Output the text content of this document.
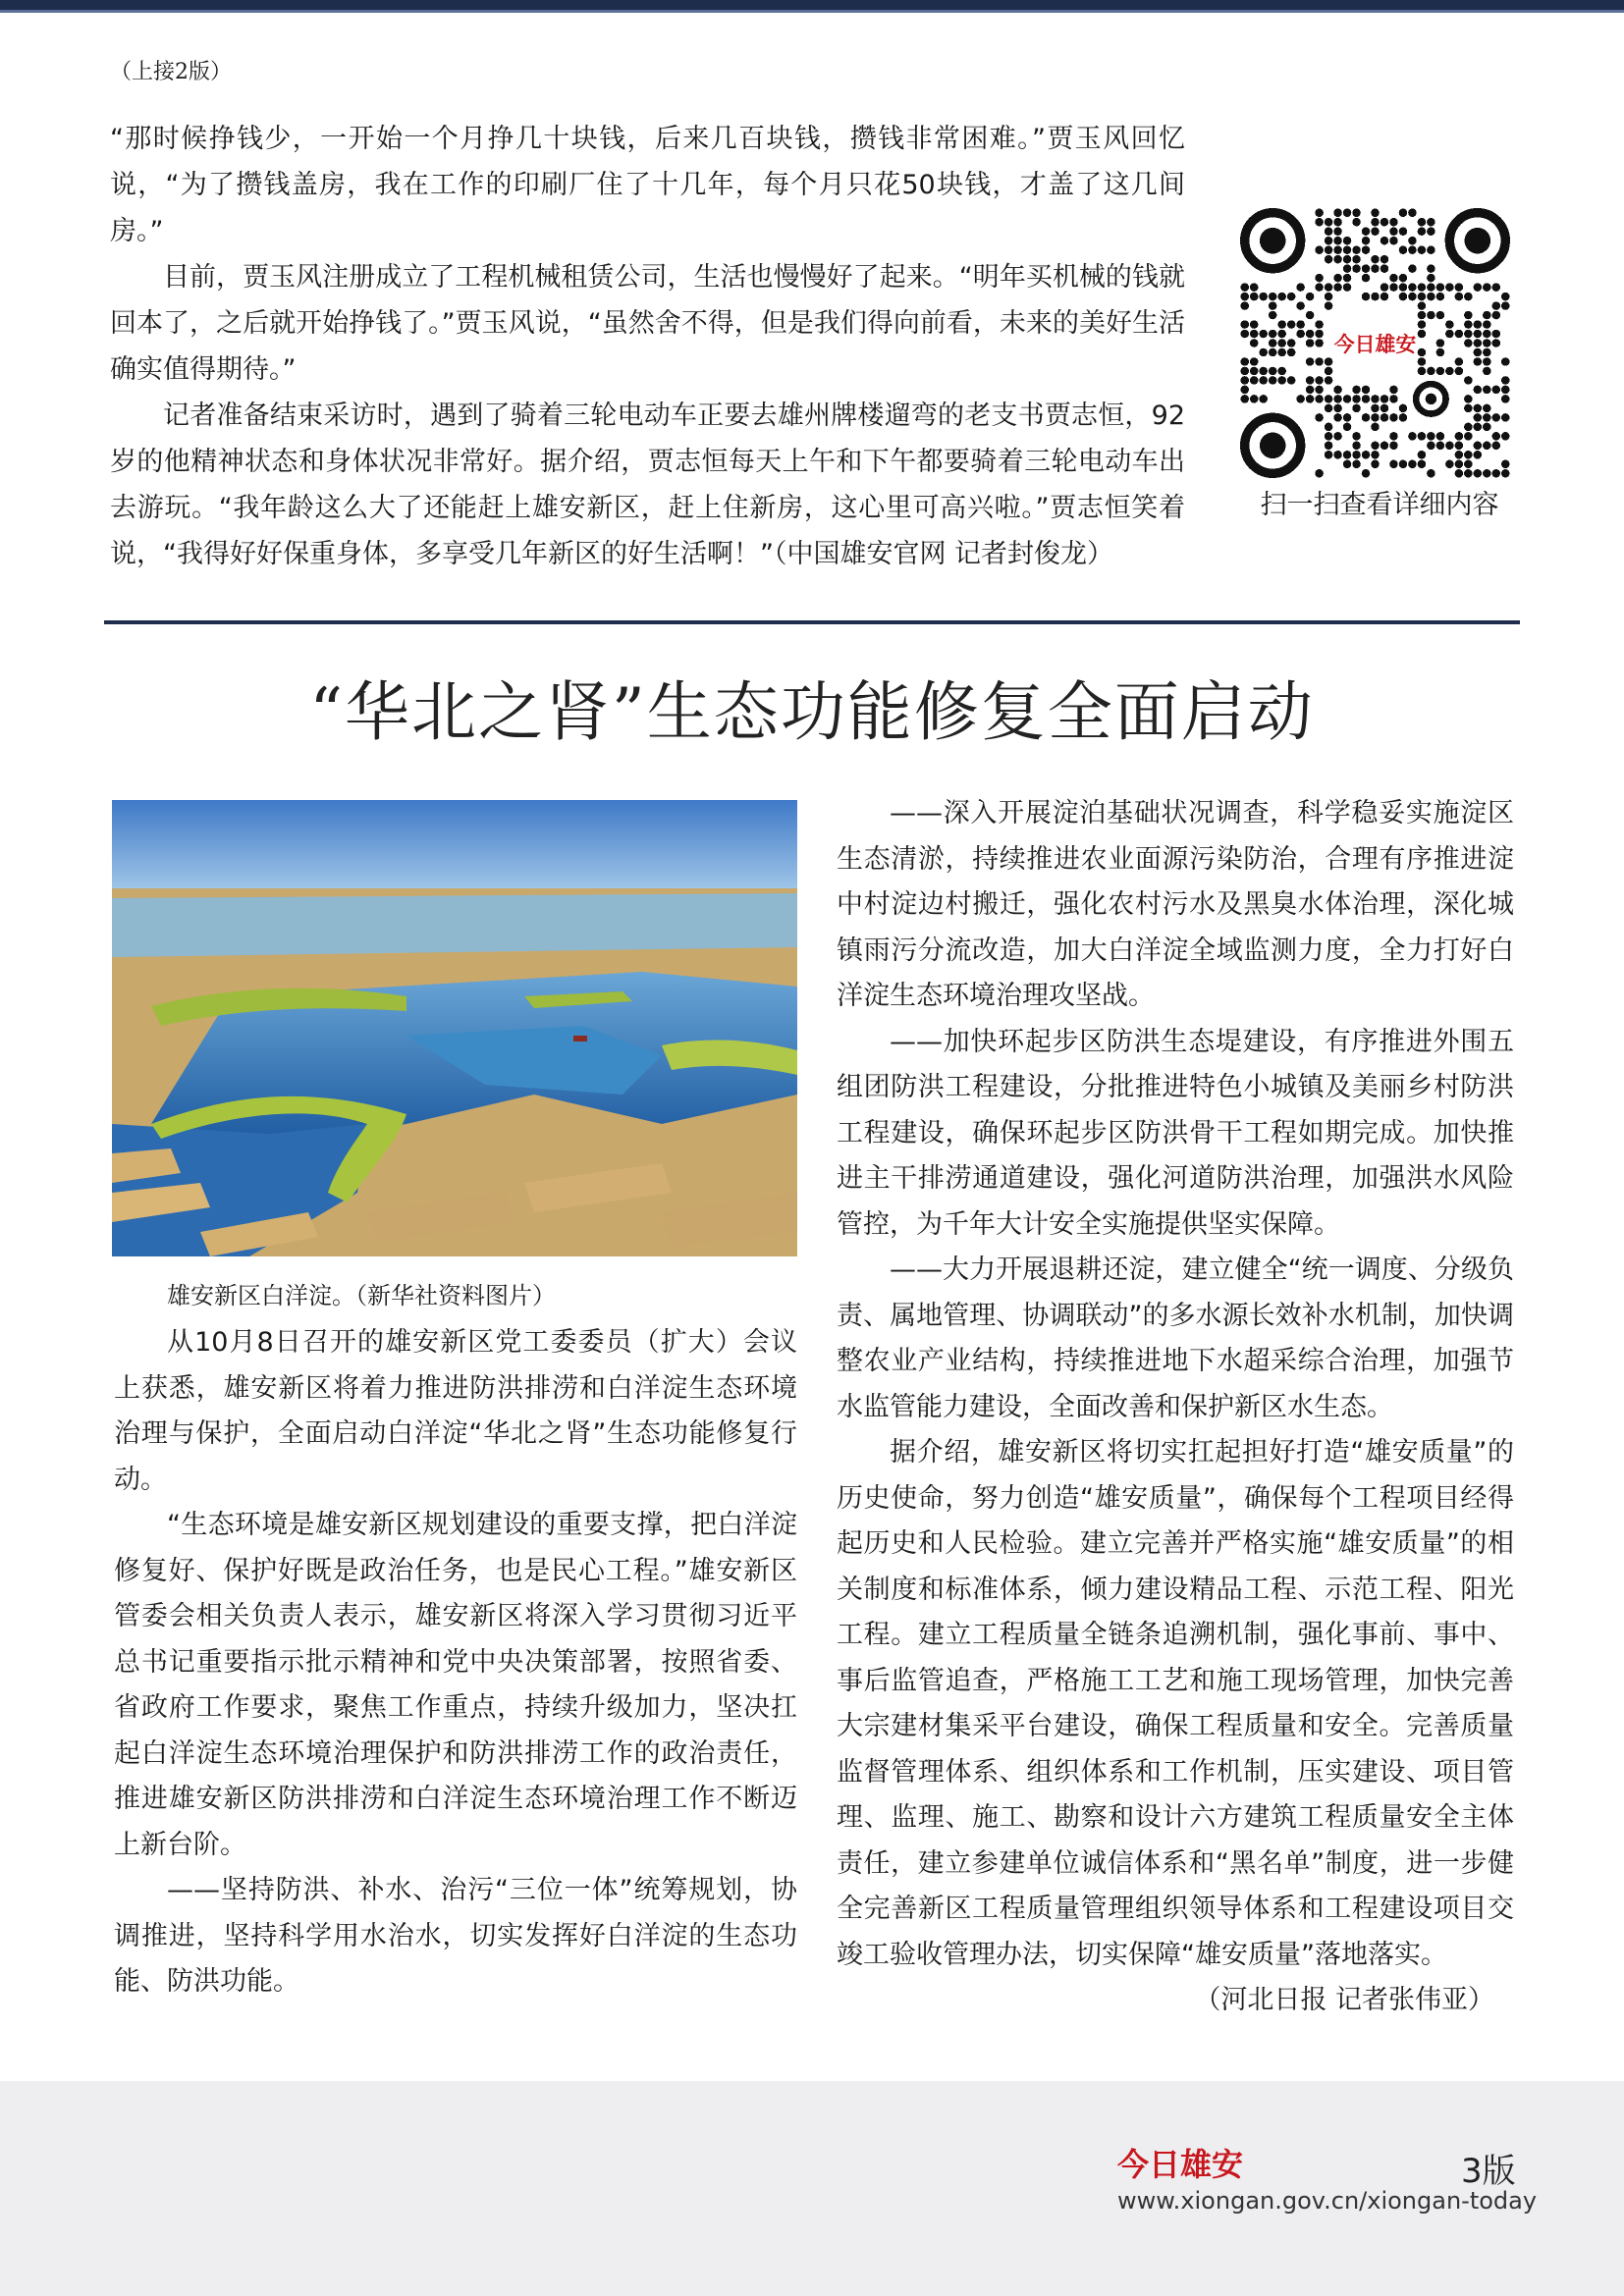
（上接2版）

“那时候挣钱少，一开始一个月挣几十块钱，后来几百块钱，攒钱非常困难。”贾玉风回忆说，“为了攒钱盖房，我在工作的印刷厂住了十几年，每个月只花50块钱，才盖了这几间房。”

目前，贾玉风注册成立了工程机械租赁公司，生活也慢慢好了起来。“明年买机械的钱就回本了，之后就开始挣钱了。”贾玉风说，“虽然舍不得，但是我们得向前看，未来的美好生活确实值得期待。”

记者准备结束采访时，遇到了骑着三轮电动车正要去雄州牌楼遛弯的老支书贾志恒，92岁的他精神状态和身体状况非常好。据介绍，贾志恒每天上午和下午都要骑着三轮电动车出去游玩。“我年龄这么大了还能赶上雄安新区，赶上住新房，这心里可高兴啦。”贾志恒笑着说，“我得好好保重身体，多享受几年新区的好生活啊！”（中国雄安官网 记者封俊龙）

今日雄安
扫一扫查看详细内容
“华北之肾”生态功能修复全面启动
雄安新区白洋淀。（新华社资料图片）

从10月8日召开的雄安新区党工委委员（扩大）会议上获悉，雄安新区将着力推进防洪排涝和白洋淀生态环境治理与保护，全面启动白洋淀“华北之肾”生态功能修复行动。

“生态环境是雄安新区规划建设的重要支撑，把白洋淀修复好、保护好既是政治任务，也是民心工程。”雄安新区管委会相关负责人表示，雄安新区将深入学习贯彻习近平总书记重要指示批示精神和党中央决策部署，按照省委、省政府工作要求，聚焦工作重点，持续升级加力，坚决扛起白洋淀生态环境治理保护和防洪排涝工作的政治责任，推进雄安新区防洪排涝和白洋淀生态环境治理工作不断迈上新台阶。

——坚持防洪、补水、治污“三位一体”统筹规划，协调推进，坚持科学用水治水，切实发挥好白洋淀的生态功能、防洪功能。

——深入开展淀泊基础状况调查，科学稳妥实施淀区生态清淤，持续推进农业面源污染防治，合理有序推进淀中村淀边村搬迁，强化农村污水及黑臭水体治理，深化城镇雨污分流改造，加大白洋淀全域监测力度，全力打好白洋淀生态环境治理攻坚战。

——加快环起步区防洪生态堤建设，有序推进外围五组团防洪工程建设，分批推进特色小城镇及美丽乡村防洪工程建设，确保环起步区防洪骨干工程如期完成。加快推进主干排涝通道建设，强化河道防洪治理，加强洪水风险管控，为千年大计安全实施提供坚实保障。

——大力开展退耕还淀，建立健全“统一调度、分级负责、属地管理、协调联动”的多水源长效补水机制，加快调整农业产业结构，持续推进地下水超采综合治理，加强节水监管能力建设，全面改善和保护新区水生态。

据介绍，雄安新区将切实扛起担好打造“雄安质量”的历史使命，努力创造“雄安质量”，确保每个工程项目经得起历史和人民检验。建立完善并严格实施“雄安质量”的相关制度和标准体系，倾力建设精品工程、示范工程、阳光工程。建立工程质量全链条追溯机制，强化事前、事中、事后监管追查，严格施工工艺和施工现场管理，加快完善大宗建材集采平台建设，确保工程质量和安全。完善质量监督管理体系、组织体系和工作机制，压实建设、项目管理、监理、施工、勘察和设计六方建筑工程质量安全主体责任，建立参建单位诚信体系和“黑名单”制度，进一步健全完善新区工程质量管理组织领导体系和工程建设项目交竣工验收管理办法，切实保障“雄安质量”落地落实。

（河北日报 记者张伟亚）

今日雄安	3版
www.xiongan.gov.cn/xiongan-today
